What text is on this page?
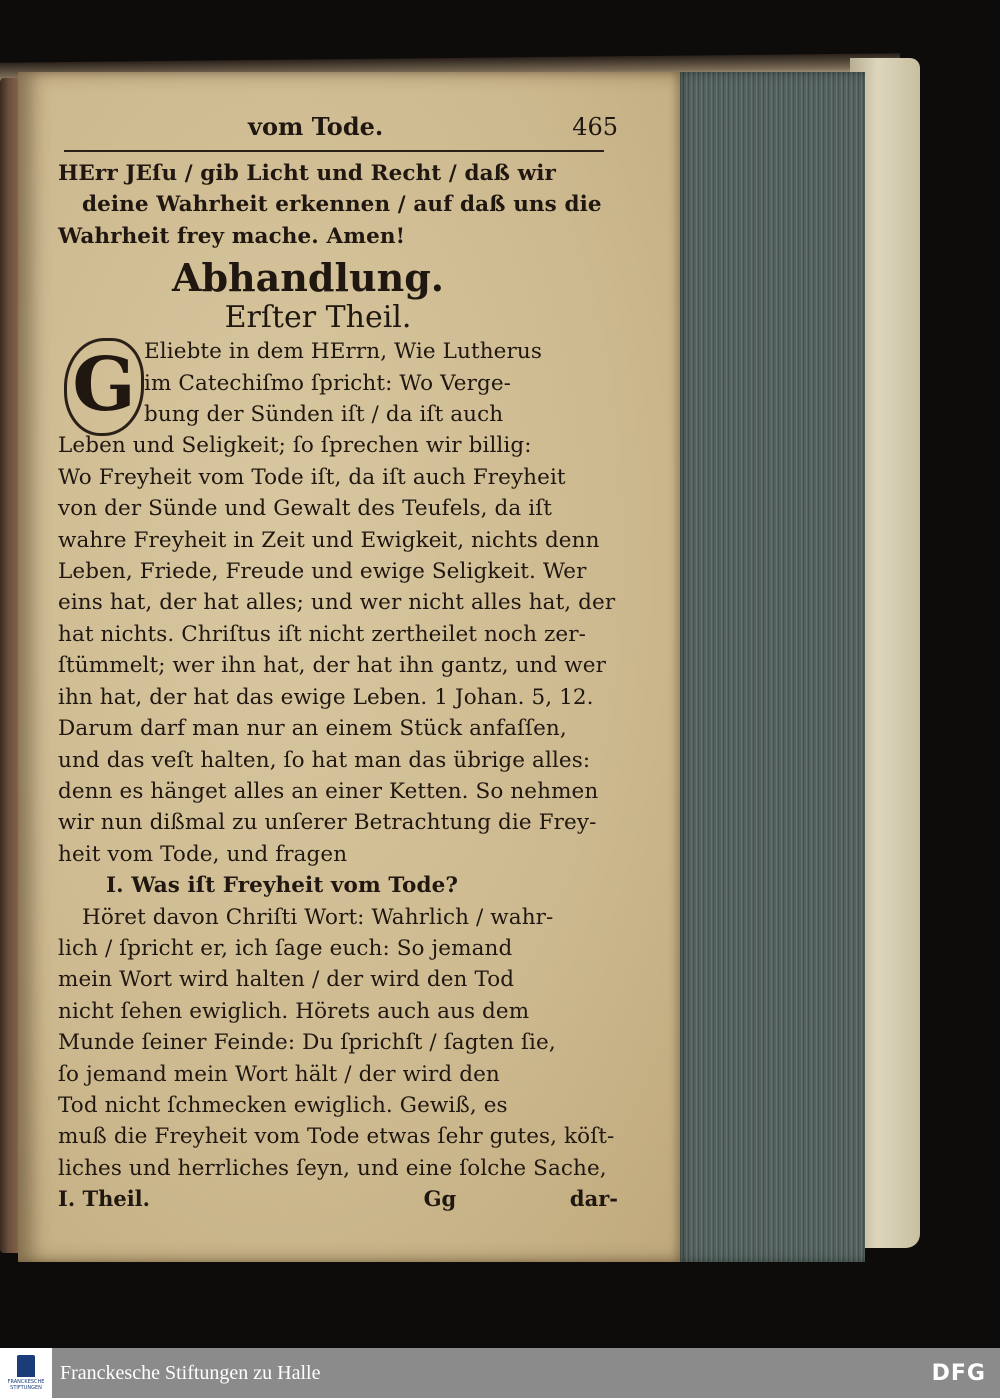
vom Tode.	465
HErr JEſu / gib Licht und Recht / daß wir
deine Wahrheit erkennen / auf daß uns die
Wahrheit frey mache. Amen!
Abhandlung.
Erſter Theil.
G Eliebte in dem HErrn, Wie Lutherus
im Catechiſmo ſpricht: Wo Verge-
bung der Sünden iſt / da iſt auch
Leben und Seligkeit; ſo ſprechen wir billig:
Wo Freyheit vom Tode iſt, da iſt auch Freyheit
von der Sünde und Gewalt des Teufels, da iſt
wahre Freyheit in Zeit und Ewigkeit, nichts denn
Leben, Friede, Freude und ewige Seligkeit. Wer
eins hat, der hat alles; und wer nicht alles hat, der
hat nichts. Chriſtus iſt nicht zertheilet noch zer-
ſtümmelt; wer ihn hat, der hat ihn gantz, und wer
ihn hat, der hat das ewige Leben. 1 Johan. 5, 12.
Darum darf man nur an einem Stück anfaſſen,
und das veſt halten, ſo hat man das übrige alles:
denn es hänget alles an einer Ketten. So nehmen
wir nun dißmal zu unſerer Betrachtung die Frey-
heit vom Tode, und fragen
I. Was iſt Freyheit vom Tode?
Höret davon Chriſti Wort: Wahrlich / wahr-
lich / ſpricht er, ich ſage euch: So jemand
mein Wort wird halten / der wird den Tod
nicht ſehen ewiglich. Hörets auch aus dem
Munde ſeiner Feinde: Du ſprichſt / ſagten ſie,
ſo jemand mein Wort hält / der wird den
Tod nicht ſchmecken ewiglich. Gewiß, es
muß die Freyheit vom Tode etwas ſehr gutes, köſt-
liches und herrliches ſeyn, und eine ſolche Sache,
I. Theil.	Gg	dar-
FRANCKESCHE STIFTUNGEN
Franckesche Stiftungen zu Halle	DFG
